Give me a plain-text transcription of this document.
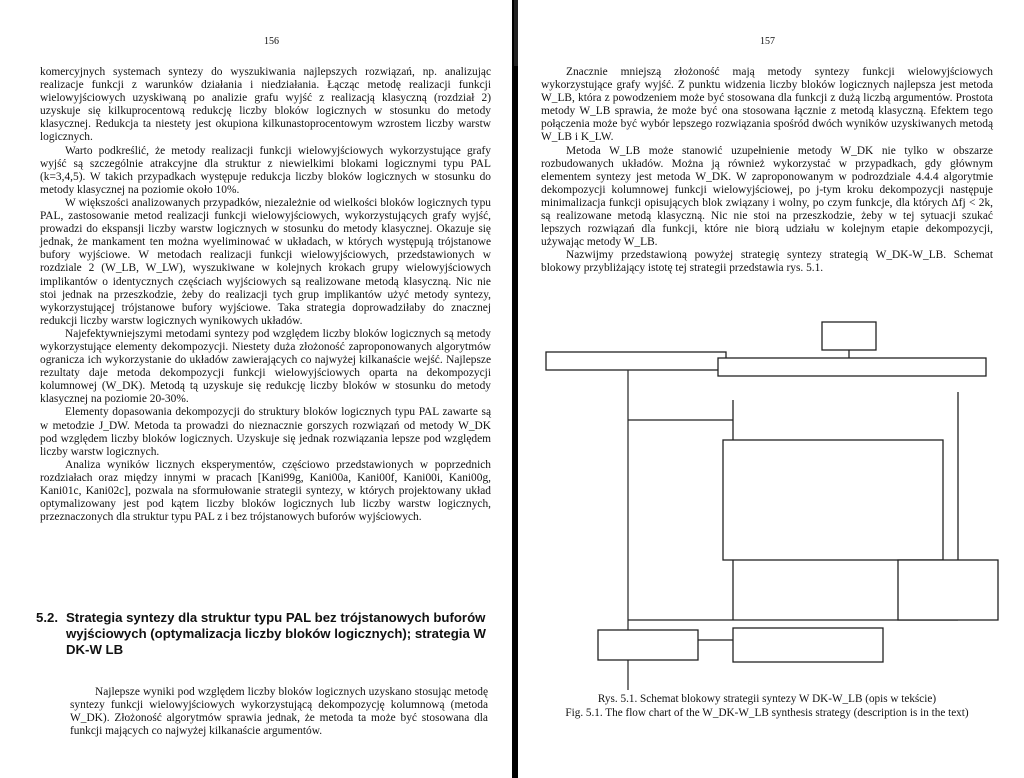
156

komercyjnych systemach syntezy do wyszukiwania najlepszych rozwiązań, np. analizując realizacje funkcji z warunków działania i niedziałania. Łącząc metodę realizacji funkcji wielowyjściowych uzyskiwaną po analizie grafu wyjść z realizacją klasyczną (rozdział 2) uzyskuje się kilkuprocentową redukcję liczby bloków logicznych w stosunku do metody klasycznej. Redukcja ta niestety jest okupiona kilkunastoprocentowym wzrostem liczby warstw logicznych.

Warto podkreślić, że metody realizacji funkcji wielowyjściowych wykorzystujące grafy wyjść są szczególnie atrakcyjne dla struktur z niewielkimi blokami logicznymi typu PAL (k=3,4,5). W takich przypadkach występuje redukcja liczby bloków logicznych w stosunku do metody klasycznej na poziomie około 10%.

W większości analizowanych przypadków, niezależnie od wielkości bloków logicznych typu PAL, zastosowanie metod realizacji funkcji wielowyjściowych, wykorzystujących grafy wyjść, prowadzi do ekspansji liczby warstw logicznych w stosunku do metody klasycznej. Okazuje się jednak, że mankament ten można wyeliminować w układach, w których występują trójstanowe bufory wyjściowe. W metodach realizacji funkcji wielowyjściowych, przedstawionych w rozdziale 2 (W_LB, W_LW), wyszukiwane w kolejnych krokach grupy wielowyjściowych implikantów o identycznych częściach wyjściowych są realizowane metodą klasyczną. Nic nie stoi jednak na przeszkodzie, żeby do realizacji tych grup implikantów użyć metody syntezy, wykorzystującej trójstanowe bufory wyjściowe. Taka strategia doprowadziłaby do znacznej redukcji liczby warstw logicznych wynikowych układów.

Najefektywniejszymi metodami syntezy pod względem liczby bloków logicznych są metody wykorzystujące elementy dekompozycji. Niestety duża złożoność zaproponowanych algorytmów ogranicza ich wykorzystanie do układów zawierających co najwyżej kilkanaście wejść. Najlepsze rezultaty daje metoda dekompozycji funkcji wielowyjściowych oparta na dekompozycji kolumnowej (W_DK). Metodą tą uzyskuje się redukcję liczby bloków w stosunku do metody klasycznej na poziomie 20-30%.

Elementy dopasowania dekompozycji do struktury bloków logicznych typu PAL zawarte są w metodzie J_DW. Metoda ta prowadzi do nieznacznie gorszych rozwiązań od metody W_DK pod względem liczby bloków logicznych. Uzyskuje się jednak rozwiązania lepsze pod względem liczby warstw logicznych.

Analiza wyników licznych eksperymentów, częściowo przedstawionych w poprzednich rozdziałach oraz między innymi w pracach [Kani99g, Kani00a, Kani00f, Kani00i, Kani00g, Kani01c, Kani02c], pozwala na sformułowanie strategii syntezy, w których projektowany układ optymalizowany jest pod kątem liczby bloków logicznych lub liczby warstw logicznych, przeznaczonych dla struktur typu PAL z i bez trójstanowych buforów wyjściowych.

5.2. Strategia syntezy dla struktur typu PAL bez trójstanowych buforów wyjściowych (optymalizacja liczby bloków logicznych); strategia W DK-W LB

Najlepsze wyniki pod względem liczby bloków logicznych uzyskano stosując metodę syntezy funkcji wielowyjściowych wykorzystującą dekompozycję kolumnową (metoda W_DK). Złożoność algorytmów sprawia jednak, że metoda ta może być stosowana dla funkcji mających co najwyżej kilkanaście argumentów.

157

Znacznie mniejszą złożoność mają metody syntezy funkcji wielowyjściowych wykorzystujące grafy wyjść. Z punktu widzenia liczby bloków logicznych najlepsza jest metoda W_LB, która z powodzeniem może być stosowana dla funkcji z dużą liczbą argumentów. Prostota metody W_LB sprawia, że może być ona stosowana łącznie z metodą klasyczną. Efektem tego połączenia może być wybór lepszego rozwiązania spośród dwóch wyników uzyskiwanych metodą W_LB i K_LW.

Metoda W_LB może stanowić uzupełnienie metody W_DK nie tylko w obszarze rozbudowanych układów. Można ją również wykorzystać w przypadkach, gdy głównym elementem syntezy jest metoda W_DK. W zaproponowanym w podrozdziale 4.4.4 algorytmie dekompozycji kolumnowej funkcji wielowyjściowej, po j-tym kroku dekompozycji następuje minimalizacja funkcji opisujących blok związany i wolny, po czym funkcje, dla których Δfj < 2k, są realizowane metodą klasyczną. Nic nie stoi na przeszkodzie, żeby w tej sytuacji szukać lepszych rozwiązań dla funkcji, które nie biorą udziału w kolejnym etapie dekompozycji, używając metody W_LB.

Nazwijmy przedstawioną powyżej strategię syntezy strategią W_DK-W_LB. Schemat blokowy przybliżający istotę tej strategii przedstawia rys. 5.1.

Rys. 5.1. Schemat blokowy strategii syntezy W DK-W_LB (opis w tekście)
Fig. 5.1. The flow chart of the W_DK-W_LB synthesis strategy (description is in the text)
